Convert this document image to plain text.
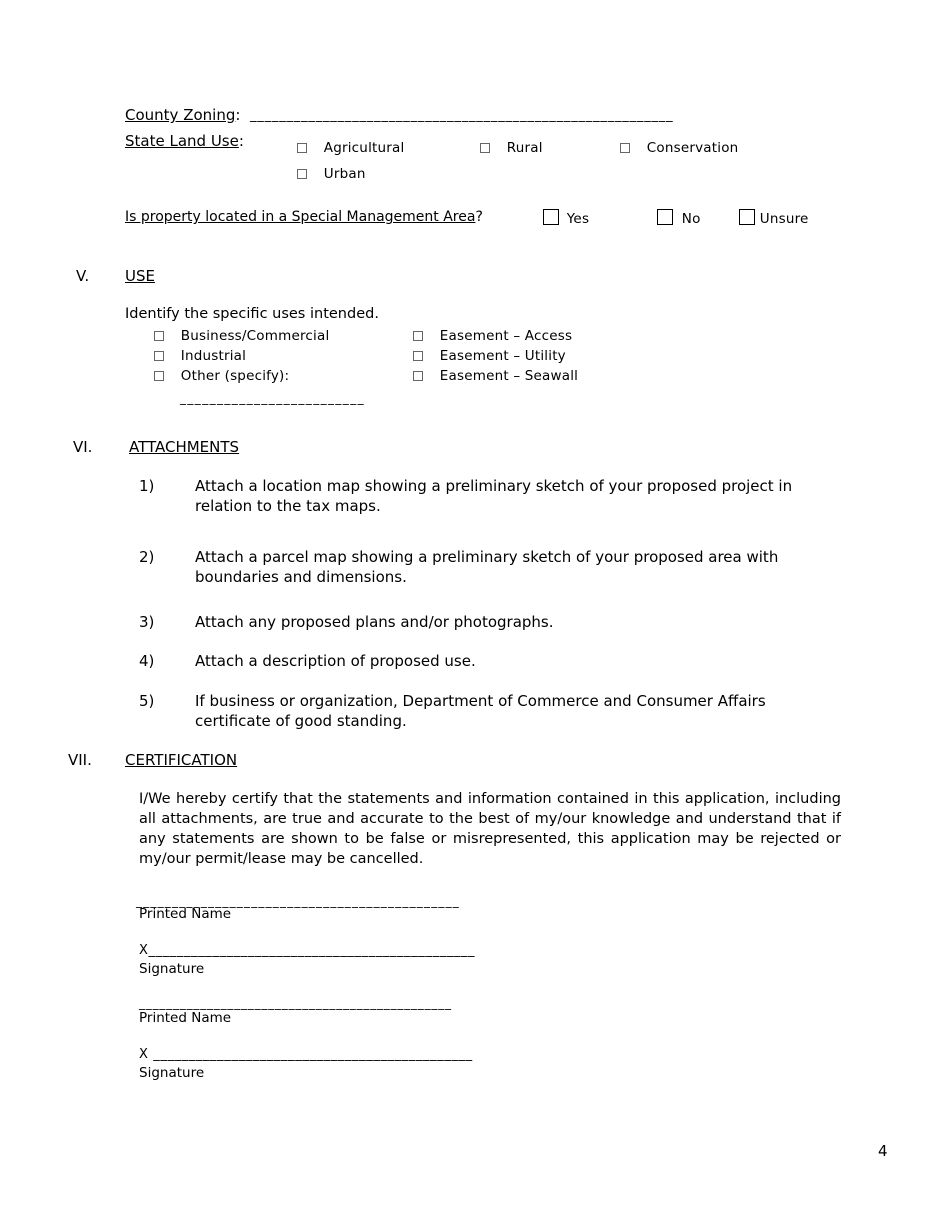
County Zoning: __________________________________________________________
State Land Use:	Agricultural	Rural	Conservation
Urban
Is property located in a Special Management Area?	Yes	No	Unsure
V. USE
Identify the specific uses intended.
Business/Commercial
Industrial
Other (specify):
_________________________
Easement – Access
Easement – Utility
Easement – Seawall
VI. ATTACHMENTS
1)	Attach a location map showing a preliminary sketch of your proposed project in relation to the tax maps.
2)	Attach a parcel map showing a preliminary sketch of your proposed area with boundaries and dimensions.
3)	Attach any proposed plans and/or photographs.
4)	Attach a description of proposed use.
5)	If business or organization, Department of Commerce and Consumer Affairs certificate of good standing.
VII. CERTIFICATION
I/We hereby certify that the statements and information contained in this application, including all attachments, are true and accurate to the best of my/our knowledge and understand that if any statements are shown to be false or misrepresented, this application may be rejected or my/our permit/lease may be cancelled.
_____________________________________________
Printed Name
X______________________________________________
Signature
______________________________________________
Printed Name
X _____________________________________________
Signature
4
